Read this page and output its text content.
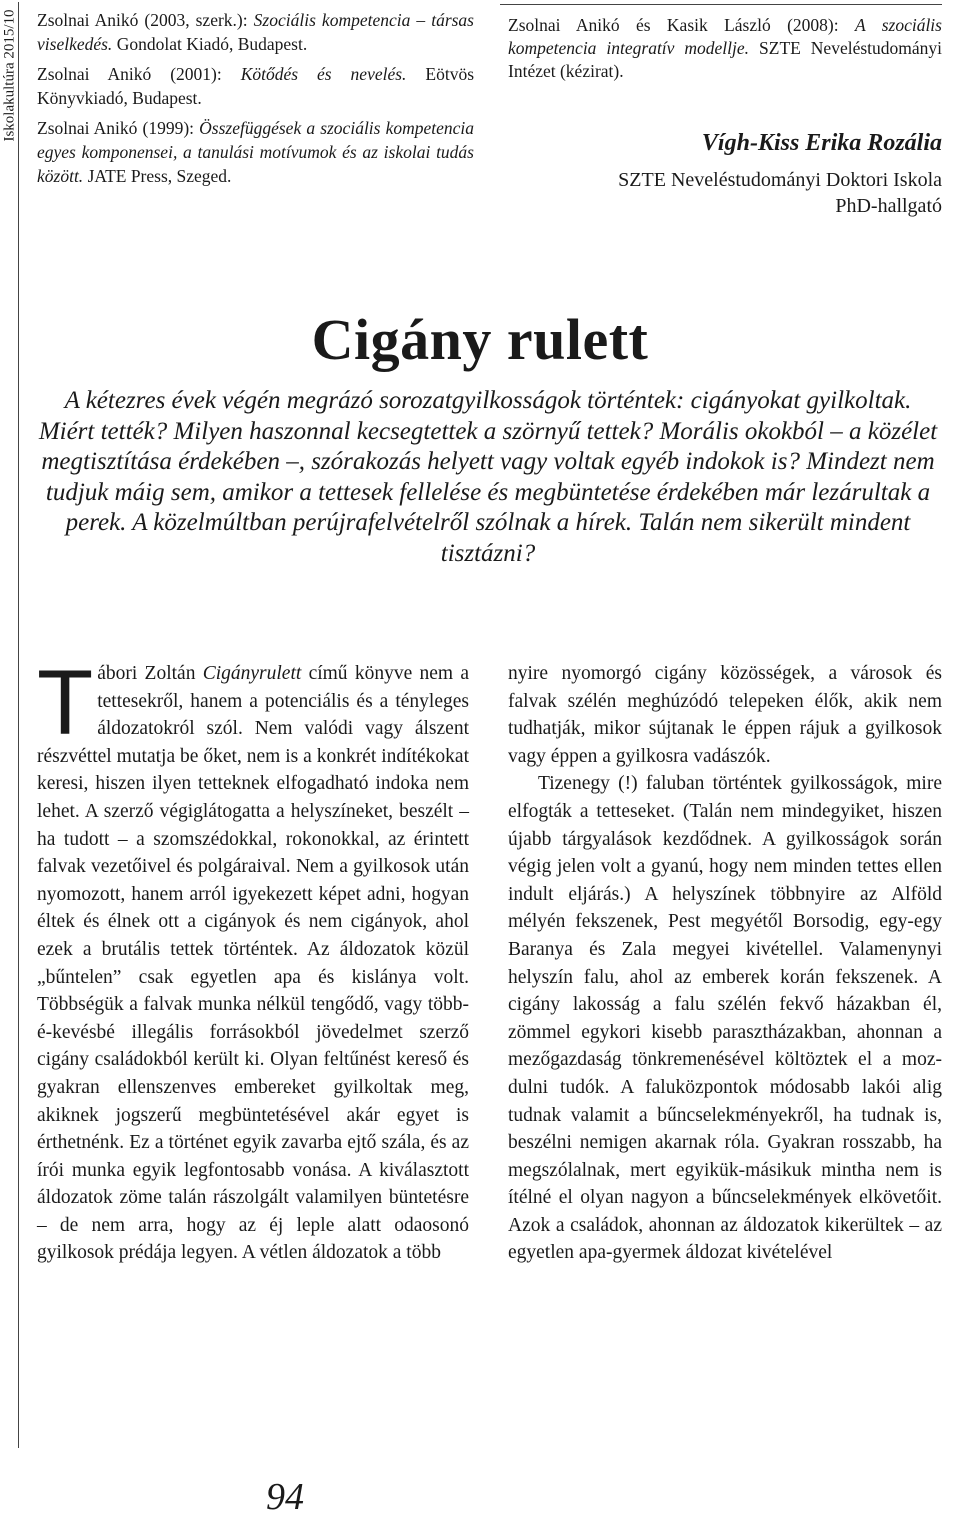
Iskolakultúra 2015/10 Zsolnai Anikó (2003, szerk.): Szociális kompetencia – társas viselkedés. Gondolat Kiadó, Budapest.
Zsolnai Anikó (2001): Kötődés és nevelés. Eötvös Könyvkiadó, Budapest.
Zsolnai Anikó (1999): Összefüggések a szociális kompetencia egyes komponensei, a tanulási motívumok és az iskolai tudás között. JATE Press, Szeged.
Zsolnai Anikó és Kasik László (2008): A szociális kompetencia integratív modellje. SZTE Neveléstudományi Intézet (kézirat).
Vígh-Kiss Erika Rozália
SZTE Neveléstudományi Doktori Iskola
PhD-hallgató
Cigány rulett
A kétezres évek végén megrázó sorozatgyilkosságok történtek: cigányokat gyilkoltak. Miért tették? Milyen haszonnal kecsegtettek a szörnyű tettek? Morális okokból – a közélet megtisztítása érdekében –, szórakozás helyett vagy voltak egyéb indokok is? Mindezt nem tudjuk máig sem, amikor a tettesek fellelése és megbüntetése érdekében már lezárultak a perek. A közelmúltban perújrafelvételről szólnak a hírek. Talán nem sikerült mindent tisztázni?

Tábori Zoltán Cigányrulett című könyve nem a tettesekről, hanem a potenciális és a tényleges áldozatokról szól. Nem valódi vagy álszent részvéttel mutatja be őket, nem is a konkrét indítékokat keresi, hiszen ilyen tetteknek elfogadható indoka nem lehet. A szerző végiglátogatta a helyszíneket, beszélt – ha tudott – a szomszédokkal, rokonokkal, az érintett falvak vezetőivel és polgáraival. Nem a gyilkosok után nyomozott, hanem arról igyekezett képet adni, hogyan éltek és élnek ott a cigányok és nem cigányok, ahol ezek a brutális tettek történtek. Az áldozatok közül „bűntelen” csak egyetlen apa és kislánya volt. Többségük a falvak munka nélkül tengődő, vagy többé-kevésbé illegális forrásokból jövedelmet szerző cigány családokból került ki. Olyan feltűnést kereső és gyakran ellenszenves embereket gyilkoltak meg, akiknek jogszerű megbüntetésével akár egyet is érthetnénk. Ez a történet egyik zavarba ejtő szála, és az írói munka egyik legfontosabb vonása. A kiválasztott áldozatok zöme talán rászolgált valamilyen büntetésre – de nem arra, hogy az éj leple alatt odaosonó gyilkosok prédája legyen. A vétlen áldozatok a több

nyire nyomorgó cigány közösségek, a városok és falvak szélén meghúzódó telepeken élők, akik nem tudhatják, mikor sújtanak le éppen rájuk a gyilkosok vagy éppen a gyilkosra vadászók.

Tizenegy (!) faluban történtek gyilkosságok, mire elfogták a tetteseket. (Talán nem mindegyiket, hiszen újabb tárgyalások kezdődnek. A gyilkosságok során végig jelen volt a gyanú, hogy nem minden tettes ellen indult eljárás.) A helyszínek többnyire az Alföld mélyén fekszenek, Pest megyétől Borsodig, egy-egy Baranya és Zala megyei kivétellel. Valamenynyi helyszín falu, ahol az emberek korán fekszenek. A cigány lakosság a falu szélén fekvő házakban él, zömmel egykori kisebb parasztházakban, ahonnan a mezőgazdaság tönkremenésével költöztek el a mozdulni tudók. A faluközpontok módosabb lakói alig tudnak valamit a bűncselekményekről, ha tudnak is, beszélni nemigen akarnak róla. Gyakran rosszabb, ha megszólalnak, mert egyikük-másikuk mintha nem is ítélné el olyan nagyon a bűncselekmények elkövetőit. Azok a családok, ahonnan az áldozatok kikerültek – az egyetlen apa-gyermek áldozat kivételével

94
